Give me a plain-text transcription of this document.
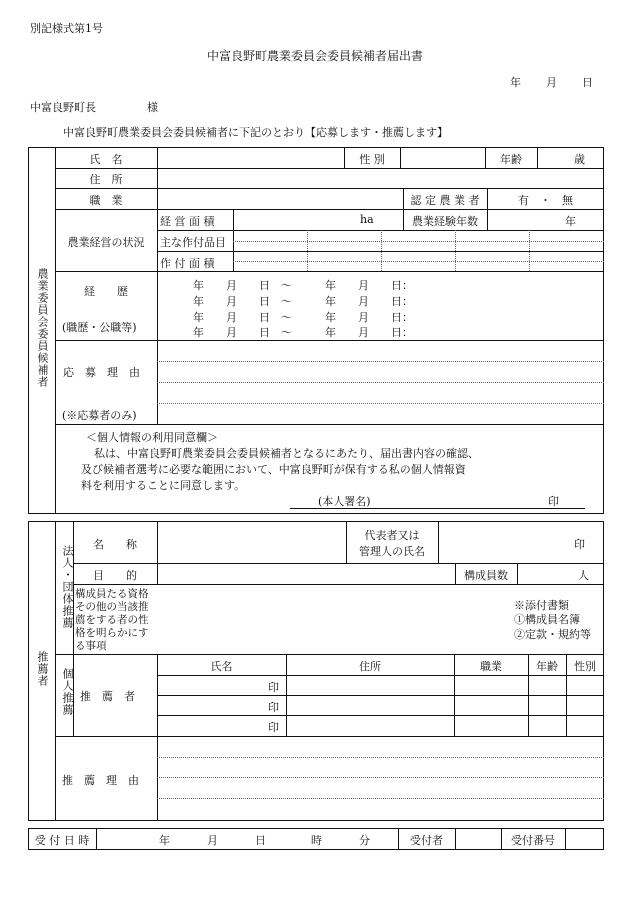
別記様式第1号
中富良野町農業委員会委員候補者届出書
年 月 日
中富良野町長	様
中富良野町農業委員会委員候補者に下記のとおり【応募します・推薦します】
農業委員会委員候補者
氏　名	性 別	年齢	歳
住　所
職　業	認 定 農 業 者	有　・　無
農業経営の状況
経 営 面 積	ha	農業経験年数	年
主な作付品目
作 付 面 積
経　　歴
(職歴・公職等)
年　　月　　日　～　　　年　　月　　日：
年　　月　　日　～　　　年　　月　　日：
年　　月　　日　～　　　年　　月　　日：
年　　月　　日　～　　　年　　月　　日：
応　募　理　由
(※応募者のみ)
＜個人情報の利用同意欄＞
私は、中富良野町農業委員会委員候補者となるにあたり、届出書内容の確認、
及び候補者選考に必要な範囲において、中富良野町が保有する私の個人情報資
料を利用することに同意します。
(本人署名)	印
推薦者
法人・団体推薦
名　　称
代表者又は
管理人の氏名
印
目　　的	構成員数	人
構成員たる資格
その他の当該推
薦をする者の性
格を明らかにす
る事項
※添付書類
①構成員名簿
②定款・規約等
個人推薦 推　薦　者
氏名	住所	職業	年齢	性別
印
印
印
推　薦　理　由
受 付 日 時	年	月	日	時	分	受付者	受付番号
